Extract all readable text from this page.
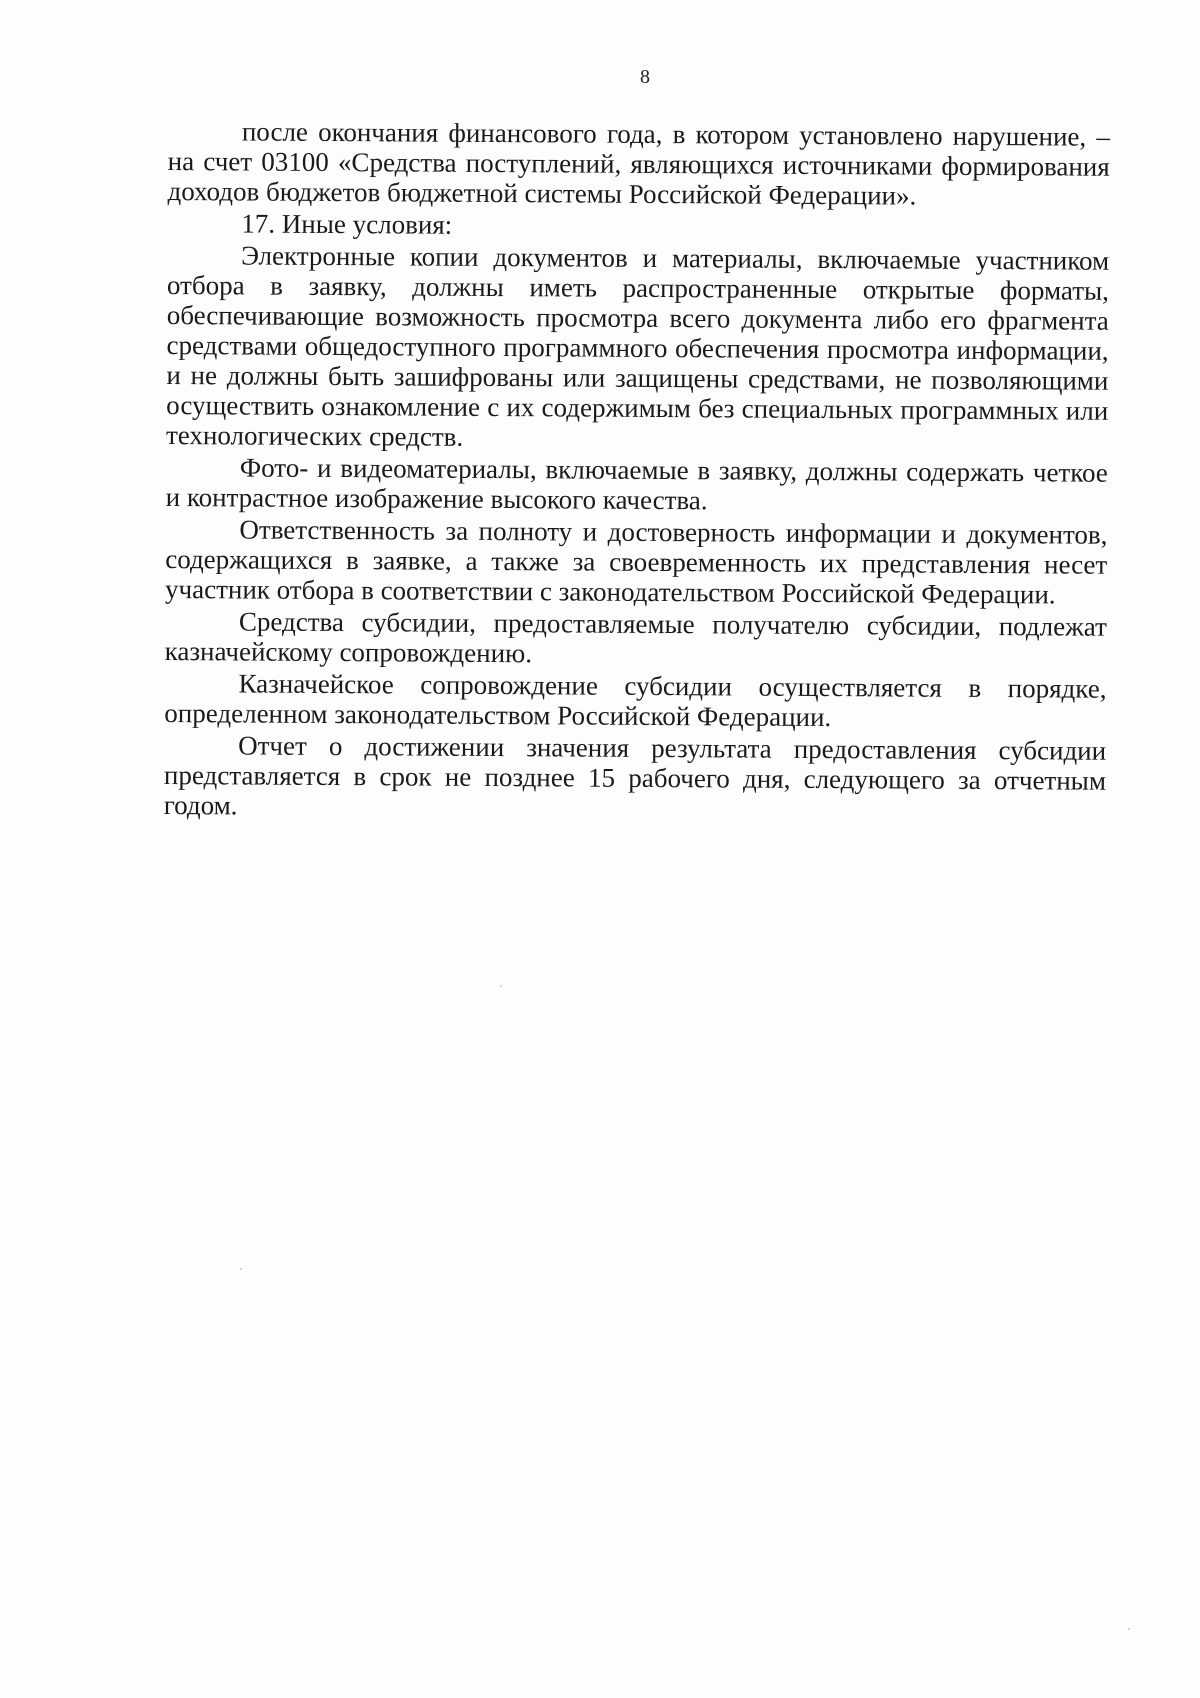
8

после окончания финансового года, в котором установлено нарушение, – на счет 03100 «Средства поступлений, являющихся источниками формирования доходов бюджетов бюджетной системы Российской Федерации».

17. Иные условия:

Электронные копии документов и материалы, включаемые участником отбора в заявку, должны иметь распространенные открытые форматы, обеспечивающие возможность просмотра всего документа либо его фрагмента средствами общедоступного программного обеспечения просмотра информации, и не должны быть зашифрованы или защищены средствами, не позволяющими осуществить ознакомление с их содержимым без специальных программных или технологических средств.

Фото- и видеоматериалы, включаемые в заявку, должны содержать четкое и контрастное изображение высокого качества.

Ответственность за полноту и достоверность информации и документов, содержащихся в заявке, а также за своевременность их представления несет участник отбора в соответствии с законодательством Российской Федерации.

Средства субсидии, предоставляемые получателю субсидии, подлежат казначейскому сопровождению.

Казначейское сопровождение субсидии осуществляется в порядке, определенном законодательством Российской Федерации.

Отчет о достижении значения результата предоставления субсидии представляется в срок не позднее 15 рабочего дня, следующего за отчетным годом.
